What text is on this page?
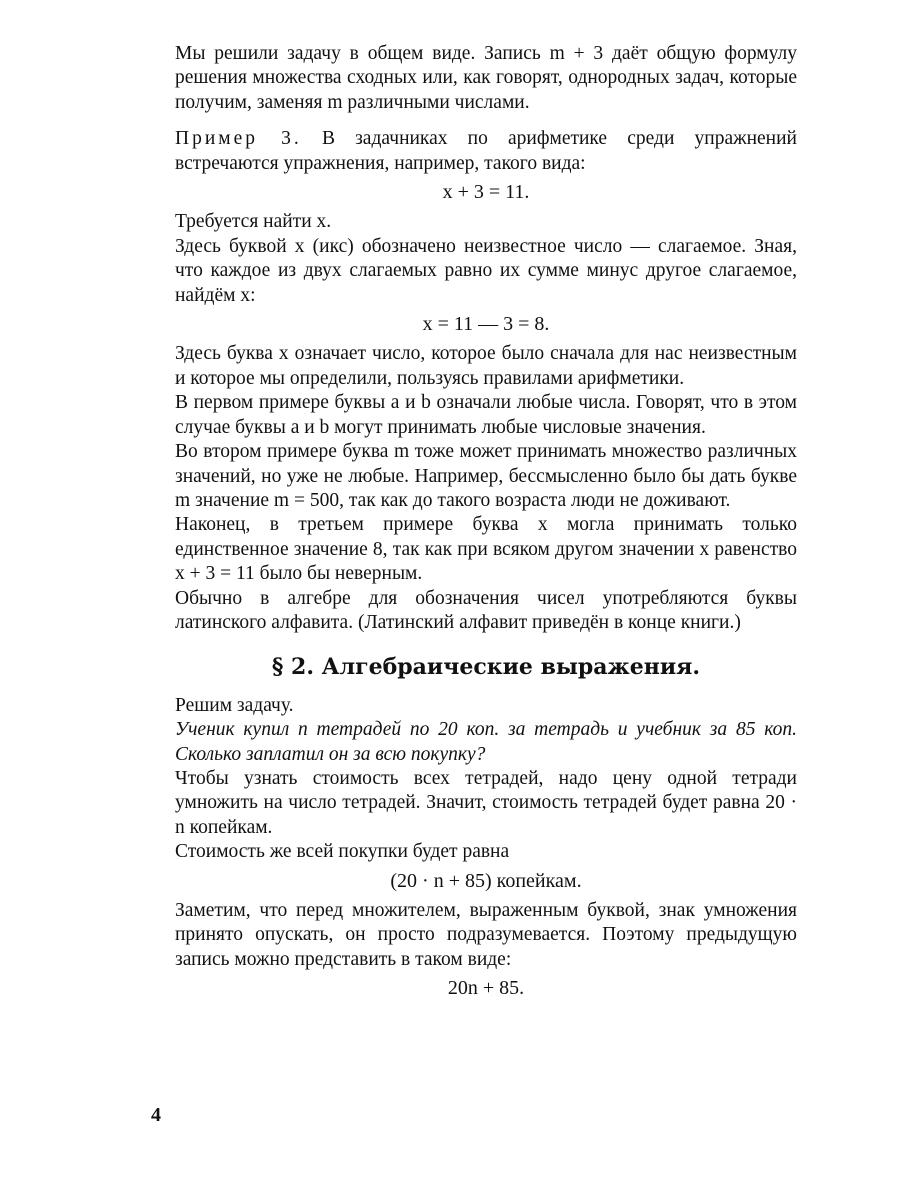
Мы решили задачу в общем виде. Запись m + 3 даёт общую формулу решения множества сходных или, как говорят, однородных задач, которые получим, заменяя m различными числами.

Пример 3. В задачниках по арифметике среди упражнений встречаются упражнения, например, такого вида:

x + 3 = 11.

Требуется найти x.

Здесь буквой x (икс) обозначено неизвестное число — слагаемое. Зная, что каждое из двух слагаемых равно их сумме минус другое слагаемое, найдём x:

x = 11 — 3 = 8.

Здесь буква x означает число, которое было сначала для нас неизвестным и которое мы определили, пользуясь правилами арифметики.

В первом примере буквы a и b означали любые числа. Говорят, что в этом случае буквы a и b могут принимать любые числовые значения.

Во втором примере буква m тоже может принимать множество различных значений, но уже не любые. Например, бессмысленно было бы дать букве m значение m = 500, так как до такого возраста люди не доживают.

Наконец, в третьем примере буква x могла принимать только единственное значение 8, так как при всяком другом значении x равенство x + 3 = 11 было бы неверным.

Обычно в алгебре для обозначения чисел употребляются буквы латинского алфавита. (Латинский алфавит приведён в конце книги.)

§ 2. Алгебраические выражения.

Решим задачу.

Ученик купил n тетрадей по 20 коп. за тетрадь и учебник за 85 коп. Сколько заплатил он за всю покупку?

Чтобы узнать стоимость всех тетрадей, надо цену одной тетради умножить на число тетрадей. Значит, стоимость тетрадей будет равна 20 · n копейкам.

Стоимость же всей покупки будет равна

(20 · n + 85) копейкам.

Заметим, что перед множителем, выраженным буквой, знак умножения принято опускать, он просто подразумевается. Поэтому предыдущую запись можно представить в таком виде:

20n + 85.
4
